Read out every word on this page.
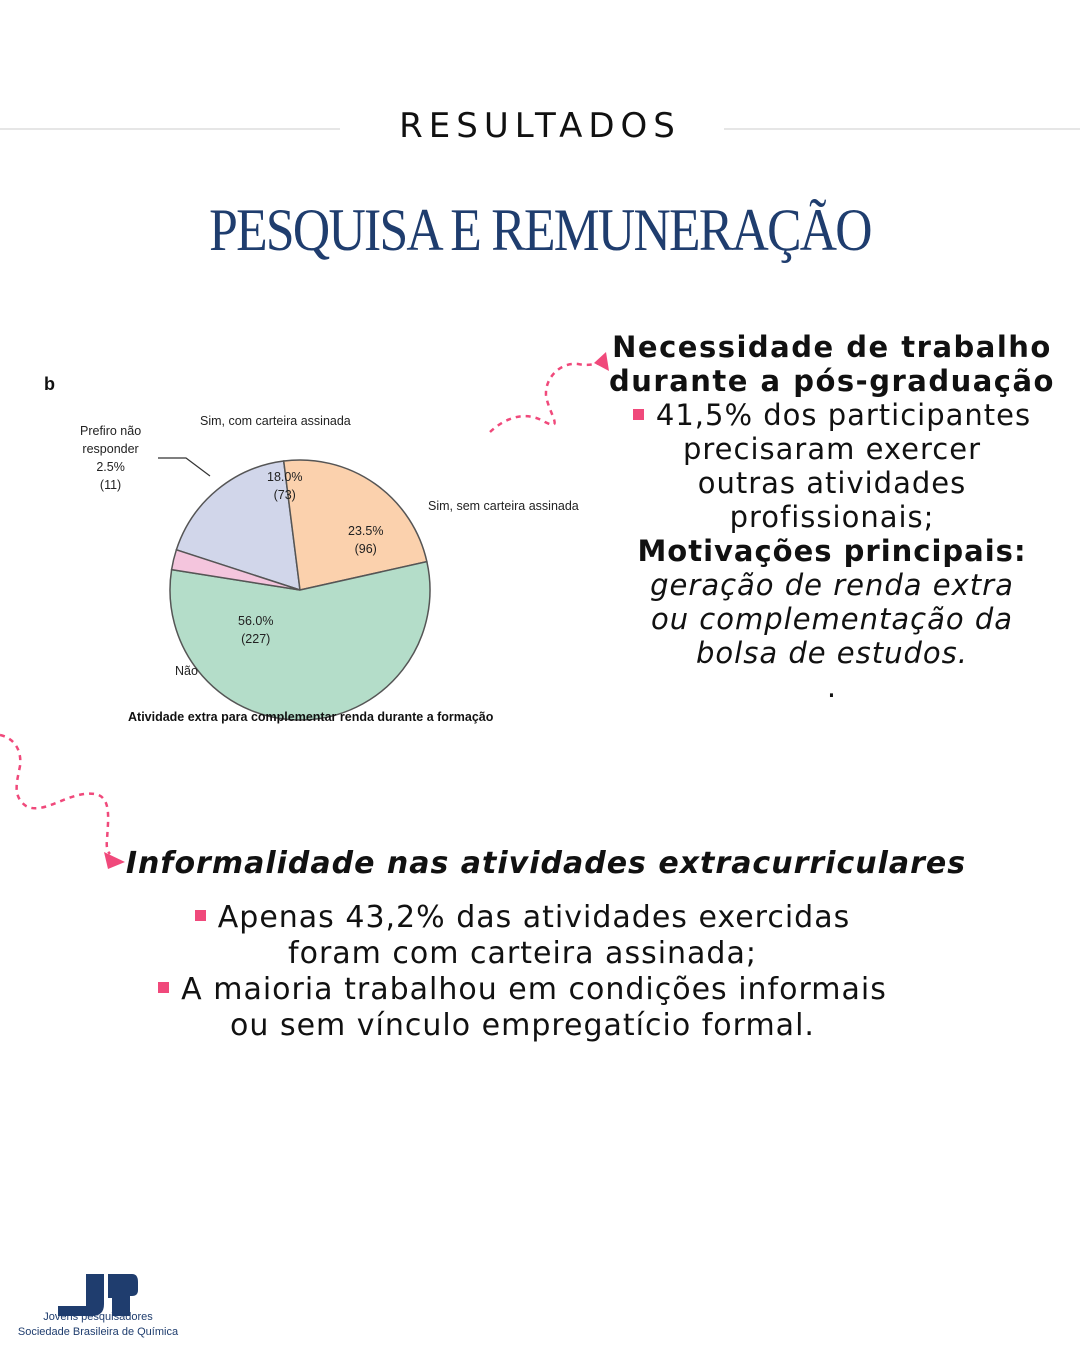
RESULTADOS
PESQUISA E REMUNERAÇÃO
b
Sim, com carteira assinada
18.0%
(73)
Sim, sem carteira assinada
23.5%
(96)
56.0%
(227)
Não
Prefiro não
responder
2.5%
(11)
Atividade extra para complementar renda durante a formação
Necessidade de trabalho
durante a pós-graduação
41,5% dos participantes
precisaram exercer
outras atividades
profissionais;
Motivações principais:
geração de renda extra
ou complementação da
bolsa de estudos.
.
Informalidade nas atividades extracurriculares
Apenas 43,2% das atividades exercidas
foram com carteira assinada;
A maioria trabalhou em condições informais
ou sem vínculo empregatício formal.
Jovens pesquisadores
Sociedade Brasileira de Química
